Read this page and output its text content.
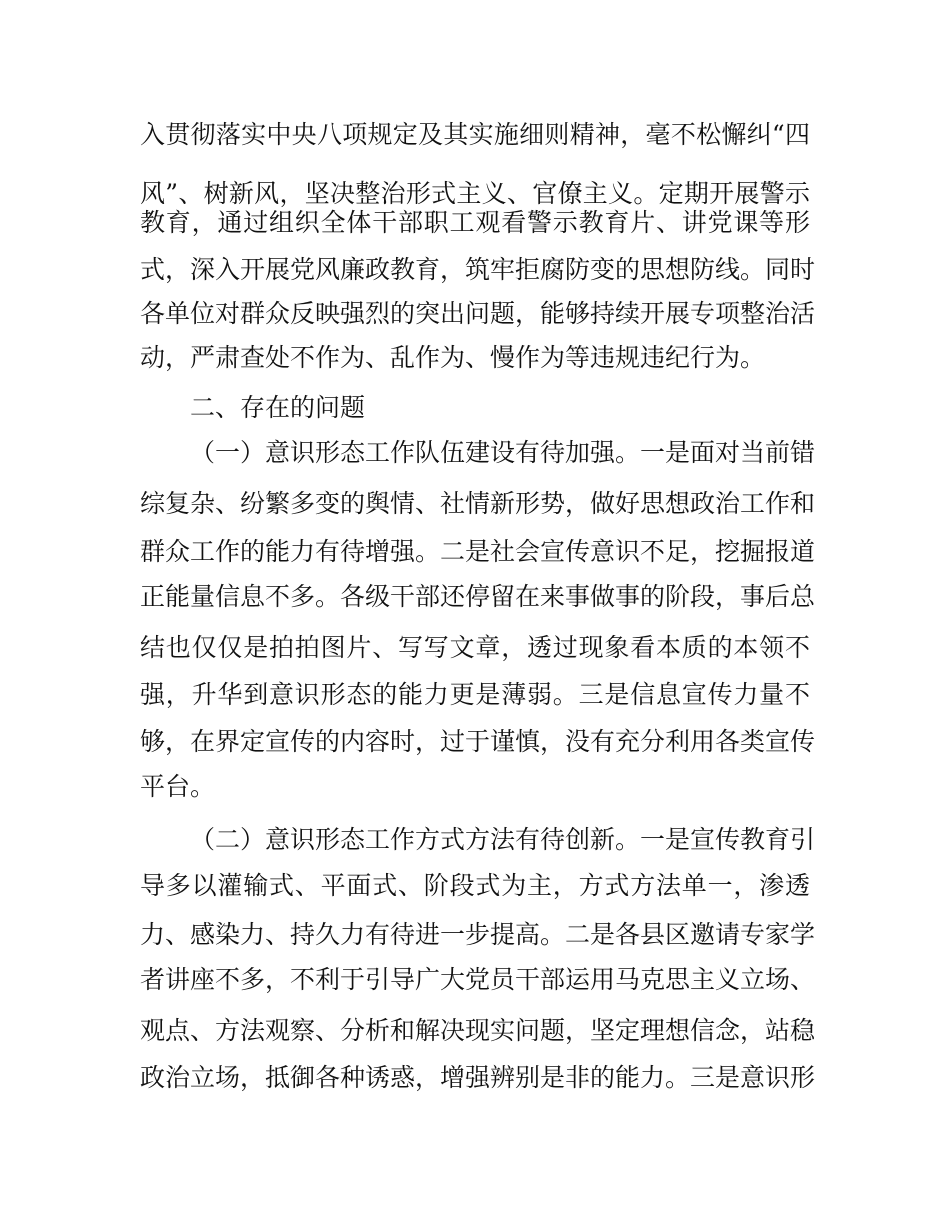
入贯彻落实中央八项规定及其实施细则精神，毫不松懈纠“四
风”、树新风，坚决整治形式主义、官僚主义。定期开展警示
教育，通过组织全体干部职工观看警示教育片、讲党课等形
式，深入开展党风廉政教育，筑牢拒腐防变的思想防线。同时
各单位对群众反映强烈的突出问题，能够持续开展专项整治活
动，严肃查处不作为、乱作为、慢作为等违规违纪行为。
二、存在的问题
（一）意识形态工作队伍建设有待加强。一是面对当前错
综复杂、纷繁多变的舆情、社情新形势，做好思想政治工作和
群众工作的能力有待增强。二是社会宣传意识不足，挖掘报道
正能量信息不多。各级干部还停留在来事做事的阶段，事后总
结也仅仅是拍拍图片、写写文章，透过现象看本质的本领不
强，升华到意识形态的能力更是薄弱。三是信息宣传力量不
够，在界定宣传的内容时，过于谨慎，没有充分利用各类宣传
平台。
（二）意识形态工作方式方法有待创新。一是宣传教育引
导多以灌输式、平面式、阶段式为主，方式方法单一，渗透
力、感染力、持久力有待进一步提高。二是各县区邀请专家学
者讲座不多，不利于引导广大党员干部运用马克思主义立场、
观点、方法观察、分析和解决现实问题，坚定理想信念，站稳
政治立场，抵御各种诱惑，增强辨别是非的能力。三是意识形
